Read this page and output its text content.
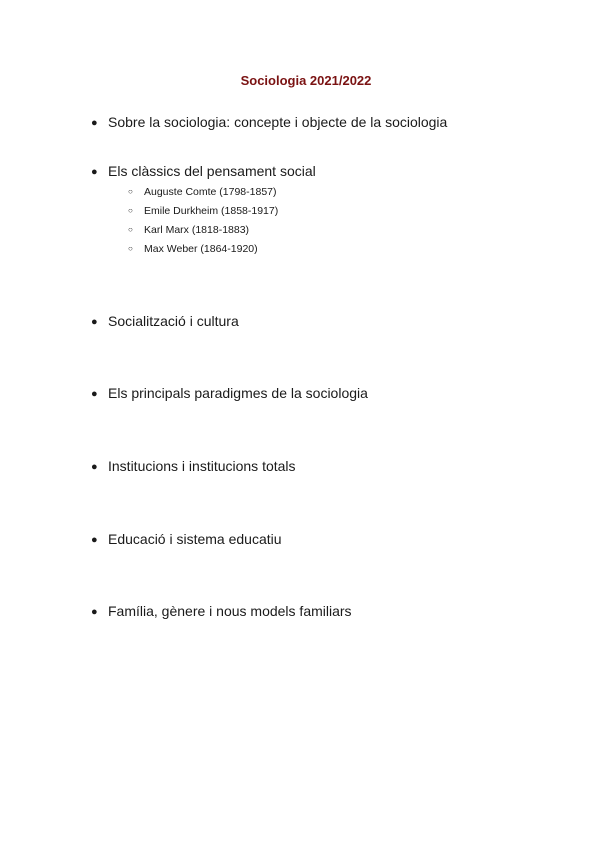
Sociologia 2021/2022
● Sobre la sociologia: concepte i objecte de la sociologia
● Els clàssics del pensament social
○ Auguste Comte (1798-1857)
○ Emile Durkheim (1858-1917)
○ Karl Marx (1818-1883)
○ Max Weber (1864-1920)
● Socialització i cultura
● Els principals paradigmes de la sociologia
● Institucions i institucions totals
● Educació i sistema educatiu
● Família, gènere i nous models familiars
